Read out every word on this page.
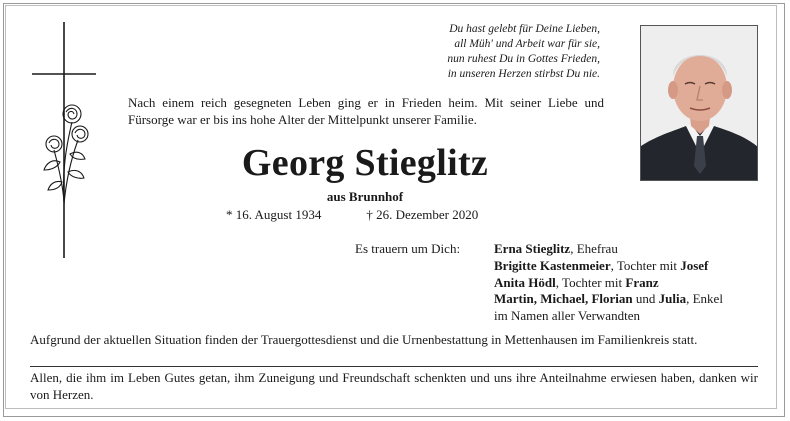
Du hast gelebt für Deine Lieben,
all Müh' und Arbeit war für sie,
nun ruhest Du in Gottes Frieden,
in unseren Herzen stirbst Du nie.
Nach einem reich gesegneten Leben ging er in Frieden heim. Mit seiner Liebe und Fürsorge war er bis ins hohe Alter der Mittelpunkt unserer Familie.
Georg Stieglitz
aus Brunnhof
* 16. August 1934	† 26. Dezember 2020
Es trauern um Dich:	Erna Stieglitz, Ehefrau
Brigitte Kastenmeier, Tochter mit Josef
Anita Hödl, Tochter mit Franz
Martin, Michael, Florian und Julia, Enkel
im Namen aller Verwandten
Aufgrund der aktuellen Situation finden der Trauergottesdienst und die Urnenbestattung in Mettenhausen im Familienkreis statt.
Allen, die ihm im Leben Gutes getan, ihm Zuneigung und Freundschaft schenkten und uns ihre Anteilnahme erwiesen haben, danken wir von Herzen.
